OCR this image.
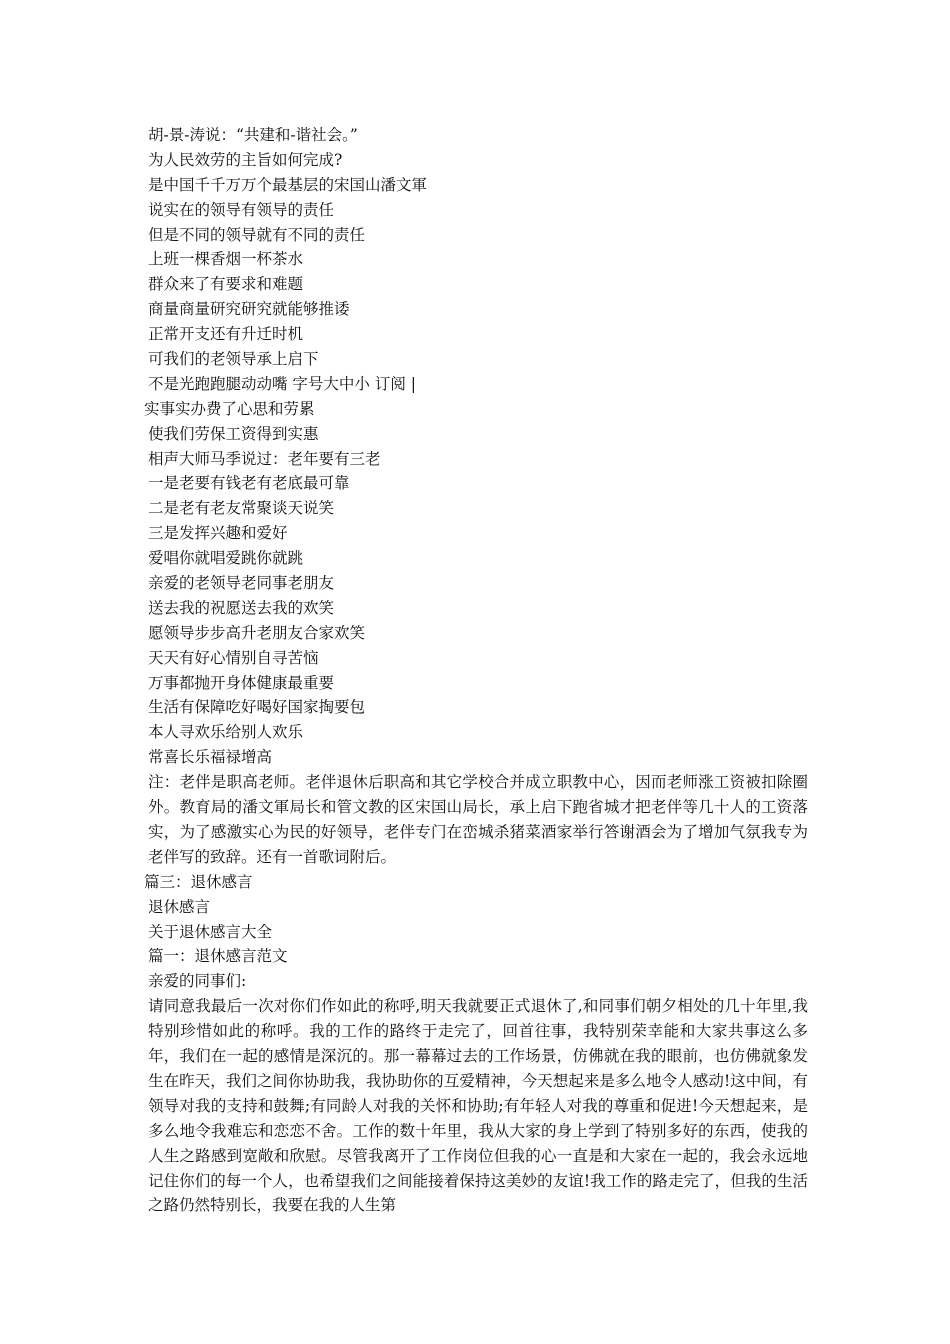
胡-景-涛说：“共建和-谐社会。”

为人民效劳的主旨如何完成?

是中国千千万万个最基层的宋国山潘文軍

说实在的领导有领导的责任

但是不同的领导就有不同的责任

上班一棵香烟一杯茶水

群众来了有要求和难题

商量商量研究研究就能够推诿

正常开支还有升迁时机

可我们的老领导承上启下

不是光跑跑腿动动嘴 字号大中小 订阅 |

实事实办费了心思和劳累

使我们劳保工资得到实惠

相声大师马季说过：老年要有三老

一是老要有钱老有老底最可靠

二是老有老友常聚谈天说笑

三是发挥兴趣和爱好

爱唱你就唱爱跳你就跳

亲爱的老领导老同事老朋友

送去我的祝愿送去我的欢笑

愿领导步步高升老朋友合家欢笑

天天有好心情别自寻苦恼

万事都抛开身体健康最重要

生活有保障吃好喝好国家掏要包

本人寻欢乐给别人欢乐

常喜长乐福禄增高

注：老伴是职高老师。老伴退休后职高和其它学校合并成立职教中心，因而老师涨工资被扣除圈外。教育局的潘文軍局长和管文教的区宋国山局长，承上启下跑省城才把老伴等几十人的工资落实，为了感激实心为民的好领导，老伴专门在峦城杀猪菜酒家举行答谢酒会为了增加气氛我专为老伴写的致辞。还有一首歌词附后。

篇三：退休感言

退休感言

关于退休感言大全

篇一：退休感言范文

亲爱的同事们:

请同意我最后一次对你们作如此的称呼,明天我就要正式退休了,和同事们朝夕相处的几十年里,我特别珍惜如此的称呼。我的工作的路终于走完了，回首往事，我特别荣幸能和大家共事这么多年，我们在一起的感情是深沉的。那一幕幕过去的工作场景，仿佛就在我的眼前，也仿佛就象发生在昨天，我们之间你协助我，我协助你的互爱精神，今天想起来是多么地令人感动!这中间，有领导对我的支持和鼓舞;有同龄人对我的关怀和协助;有年轻人对我的尊重和促进!今天想起来，是多么地令我难忘和恋恋不舍。工作的数十年里，我从大家的身上学到了特别多好的东西，使我的人生之路感到宽敞和欣慰。尽管我离开了工作岗位但我的心一直是和大家在一起的，我会永远地记住你们的每一个人，也希望我们之间能接着保持这美妙的友谊!我工作的路走完了，但我的生活之路仍然特别长，我要在我的人生第
